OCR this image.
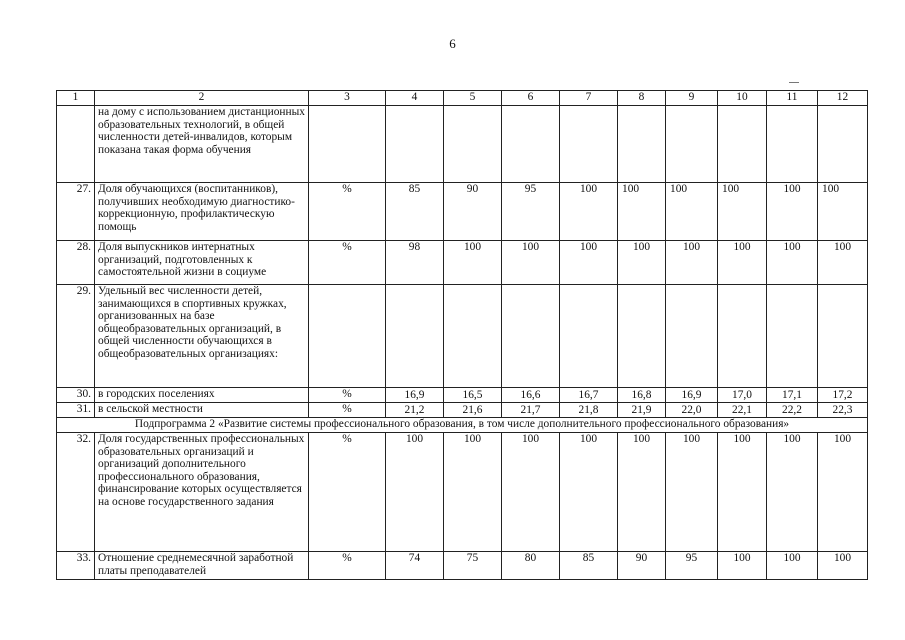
6
1	2	3	4	5	6	7	8	9	10	11	12
	на дому с использованием дистанционных образовательных технологий, в общей численности детей-инвалидов, которым показана такая форма обучения										
27.	Доля обучающихся (воспитанников), получивших необходимую диагностико-коррекционную, профилактическую помощь	%	85	90	95	100	100	100	100	100	100
28.	Доля выпускников интернатных организаций, подготовленных к самостоятельной жизни в социуме	%	98	100	100	100	100	100	100	100	100
29.	Удельный вес численности детей, занимающихся в спортивных кружках, организованных на базе общеобразовательных организаций, в общей численности обучающихся в общеобразовательных организациях:										
30.	в городских поселениях	%	16,9	16,5	16,6	16,7	16,8	16,9	17,0	17,1	17,2
31.	в сельской местности	%	21,2	21,6	21,7	21,8	21,9	22,0	22,1	22,2	22,3
Подпрограмма 2 «Развитие системы профессионального образования, в том числе дополнительного профессионального образования»											
32.	Доля государственных профессиональных образовательных организаций и организаций дополнительного профессионального образования, финансирование которых осуществляется на основе государственного задания	%	100	100	100	100	100	100	100	100	100
33.	Отношение среднемесячной заработной платы преподавателей	%	74	75	80	85	90	95	100	100	100
